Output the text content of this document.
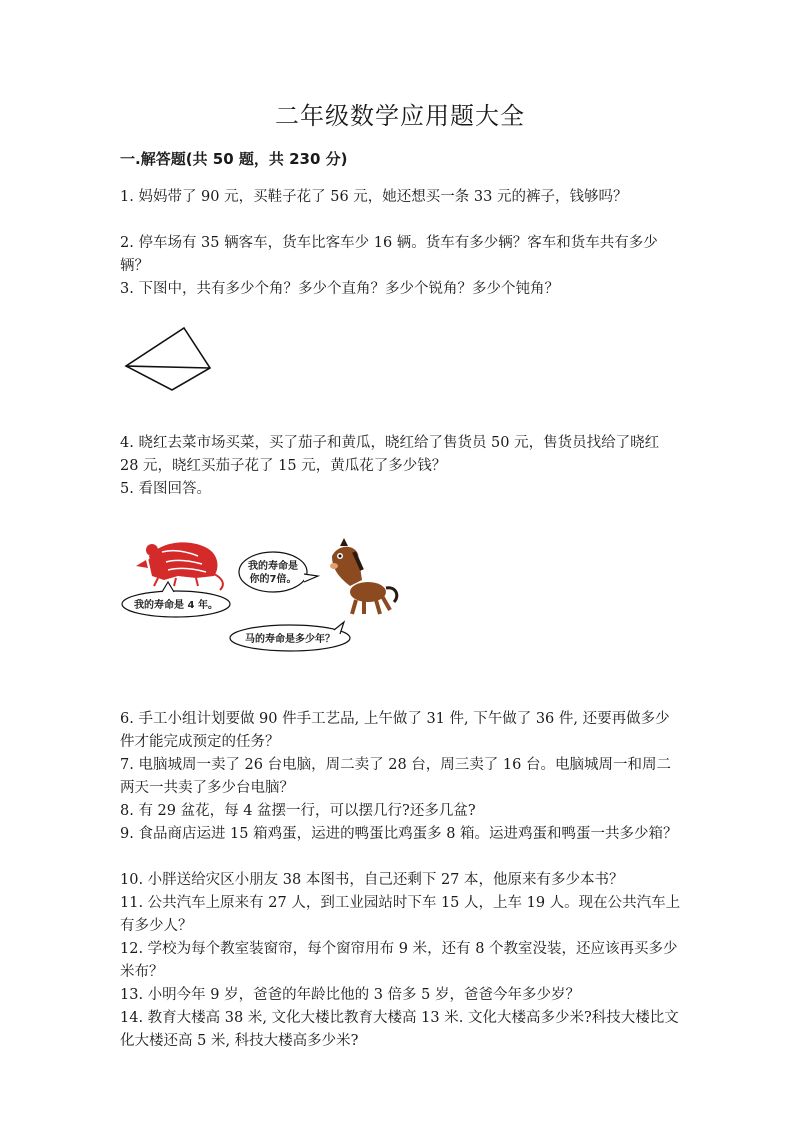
二年级数学应用题大全
一.解答题(共 50 题，共 230 分)
1. 妈妈带了 90 元，买鞋子花了 56 元，她还想买一条 33 元的裤子，钱够吗？
2. 停车场有 35 辆客车，货车比客车少 16 辆。货车有多少辆？客车和货车共有多少辆？
3. 下图中，共有多少个角？多少个直角？多少个锐角？多少个钝角？
4. 晓红去菜市场买菜，买了茄子和黄瓜，晓红给了售货员 50 元，售货员找给了晓红 28 元，晓红买茄子花了 15 元，黄瓜花了多少钱？
5. 看图回答。
我的寿命是 4 年。
我的寿命是
你的7倍。
马的寿命是多少年？
6. 手工小组计划要做 90 件手工艺品, 上午做了 31 件, 下午做了 36 件, 还要再做多少件才能完成预定的任务？
7. 电脑城周一卖了 26 台电脑，周二卖了 28 台，周三卖了 16 台。电脑城周一和周二两天一共卖了多少台电脑？
8. 有 29 盆花，每 4 盆摆一行，可以摆几行?还多几盆?
9. 食品商店运进 15 箱鸡蛋，运进的鸭蛋比鸡蛋多 8 箱。运进鸡蛋和鸭蛋一共多少箱？
10. 小胖送给灾区小朋友 38 本图书，自己还剩下 27 本，他原来有多少本书？
11. 公共汽车上原来有 27 人，到工业园站时下车 15 人，上车 19 人。现在公共汽车上有多少人？
12. 学校为每个教室装窗帘，每个窗帘用布 9 米，还有 8 个教室没装，还应该再买多少米布？
13. 小明今年 9 岁，爸爸的年龄比他的 3 倍多 5 岁，爸爸今年多少岁？
14. 教育大楼高 38 米, 文化大楼比教育大楼高 13 米. 文化大楼高多少米?科技大楼比文化大楼还高 5 米, 科技大楼高多少米?
